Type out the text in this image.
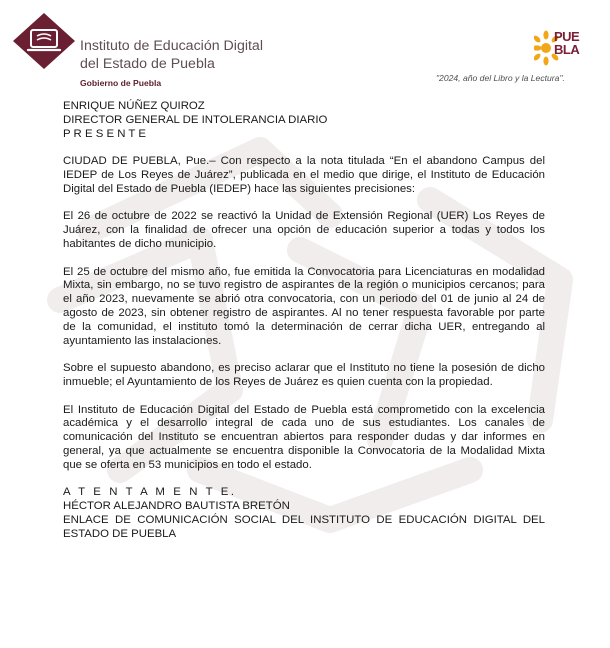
Instituto de Educación Digital
del Estado de Puebla
Gobierno de Puebla
PUE
BLA
"2024, año del Libro y la Lectura".

ENRIQUE NÚÑEZ QUIROZ

DIRECTOR GENERAL DE INTOLERANCIA DIARIO

P R E S E N T E

CIUDAD DE PUEBLA, Pue.– Con respecto a la nota titulada “En el abandono Campus del IEDEP de Los Reyes de Juárez”, publicada en el medio que dirige, el Instituto de Educación Digital del Estado de Puebla (IEDEP) hace las siguientes precisiones:

El 26 de octubre de 2022 se reactivó la Unidad de Extensión Regional (UER) Los Reyes de Juárez, con la finalidad de ofrecer una opción de educación superior a todas y todos los habitantes de dicho municipio.

El 25 de octubre del mismo año, fue emitida la Convocatoria para Licenciaturas en modalidad Mixta, sin embargo, no se tuvo registro de aspirantes de la región o municipios cercanos; para el año 2023, nuevamente se abrió otra convocatoria, con un periodo del 01 de junio al 24 de agosto de 2023, sin obtener registro de aspirantes. Al no tener respuesta favorable por parte de la comunidad, el instituto tomó la determinación de cerrar dicha UER, entregando al ayuntamiento las instalaciones.

Sobre el supuesto abandono, es preciso aclarar que el Instituto no tiene la posesión de dicho inmueble; el Ayuntamiento de los Reyes de Juárez es quien cuenta con la propiedad.

El Instituto de Educación Digital del Estado de Puebla está comprometido con la excelencia académica y el desarrollo integral de cada uno de sus estudiantes. Los canales de comunicación del Instituto se encuentran abiertos para responder dudas y dar informes en general, ya que actualmente se encuentra disponible la Convocatoria de la Modalidad Mixta que se oferta en 53 municipios en todo el estado.

A T E N T A M E N T E.

HÉCTOR ALEJANDRO BAUTISTA BRETÓN

ENLACE DE COMUNICACIÓN SOCIAL DEL INSTITUTO DE EDUCACIÓN DIGITAL DEL ESTADO DE PUEBLA
